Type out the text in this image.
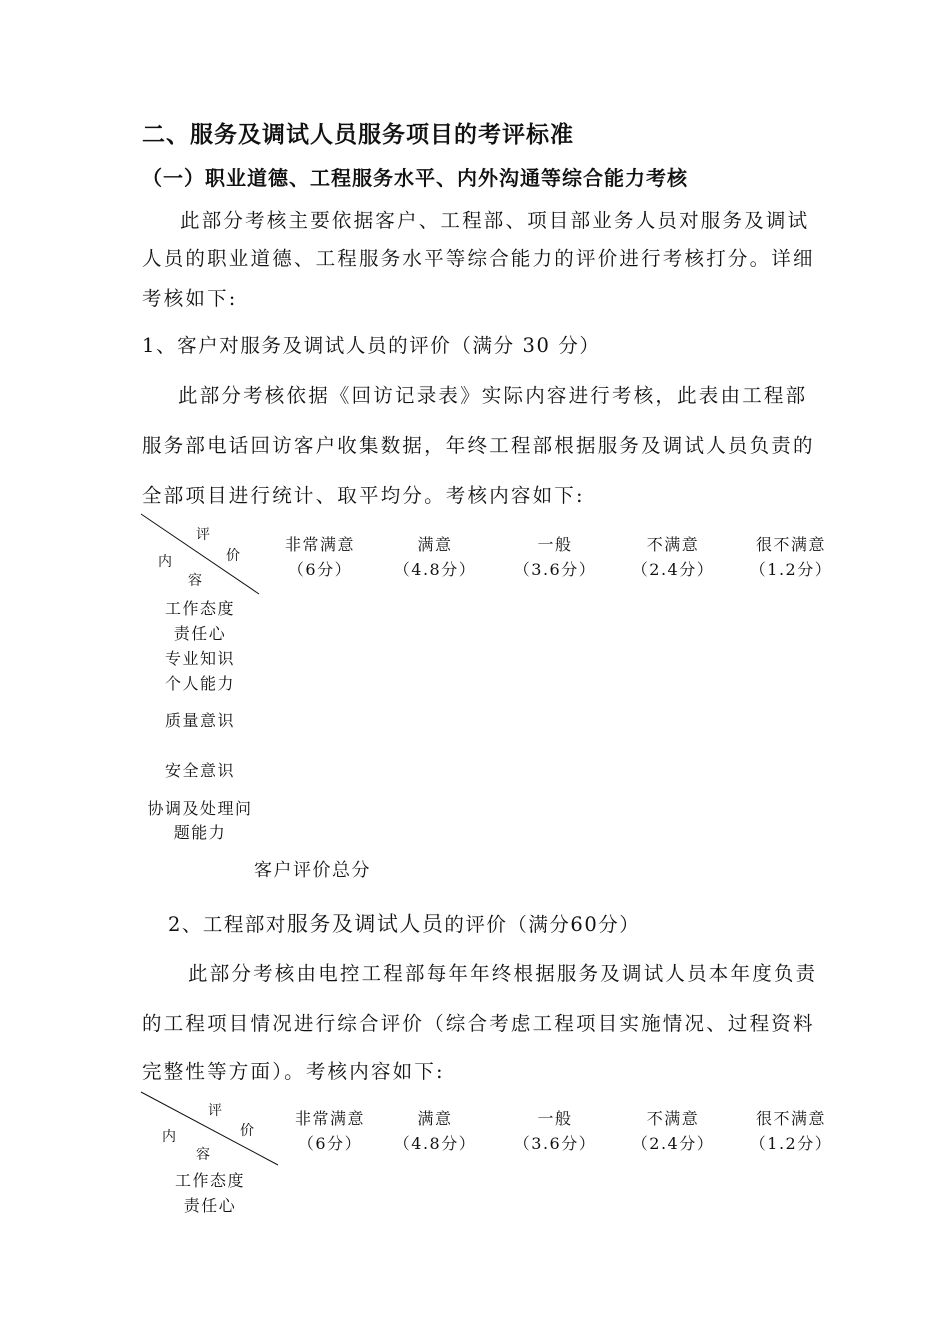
二、服务及调试人员服务项目的考评标准
（一）职业道德、工程服务水平、内外沟通等综合能力考核
此部分考核主要依据客户、工程部、项目部业务人员对服务及调试
人员的职业道德、工程服务水平等综合能力的评价进行考核打分。详细
考核如下:
1、客户对服务及调试人员的评价（满分 30 分）
此部分考核依据《回访记录表》实际内容进行考核，此表由工程部
服务部电话回访客户收集数据，年终工程部根据服务及调试人员负责的
全部项目进行统计、取平均分。考核内容如下:
评
价
内
容
非常满意
（6分）
满意
（4.8分）
一般
（3.6分）
不满意
（2.4分）
很不满意
（1.2分）
工作态度
责任心
专业知识
个人能力
质量意识
安全意识
协调及处理问
题能力
客户评价总分
2、工程部对服务及调试人员的评价（满分60分）
此部分考核由电控工程部每年年终根据服务及调试人员本年度负责
的工程项目情况进行综合评价（综合考虑工程项目实施情况、过程资料
完整性等方面）。考核内容如下:
评
价
内
容
非常满意
（6分）
满意
（4.8分）
一般
（3.6分）
不满意
（2.4分）
很不满意
（1.2分）
工作态度
责任心
